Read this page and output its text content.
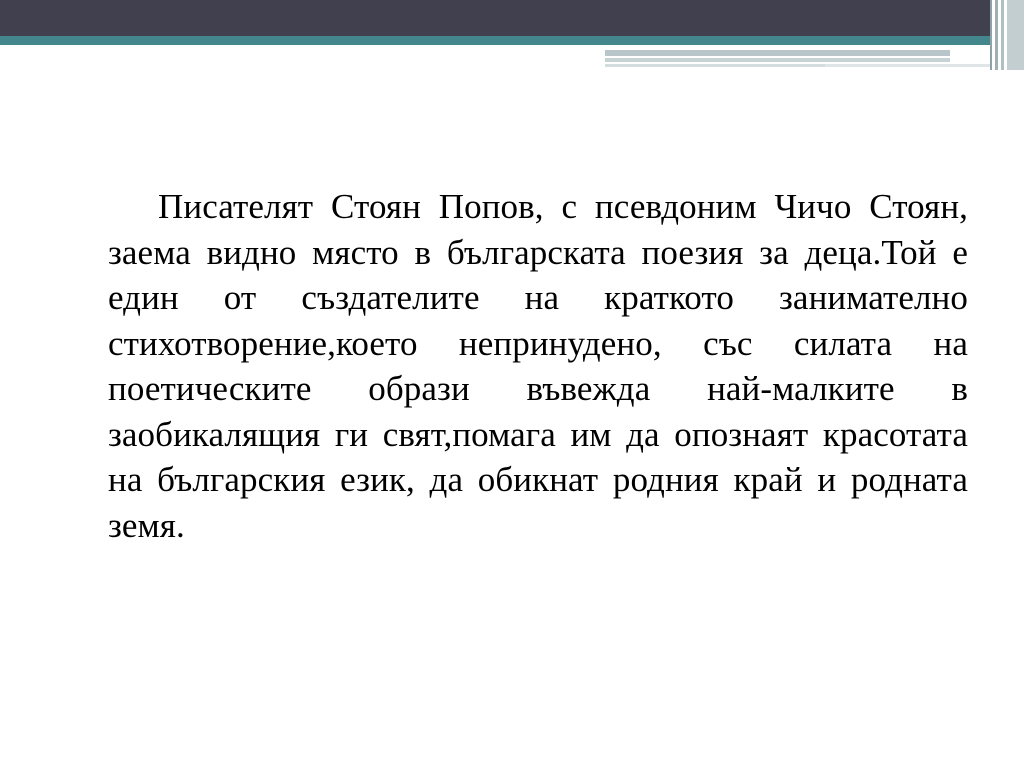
Писателят Стоян Попов, с псевдоним Чичо Стоян, заема видно място в българската поезия за деца.Той е един от създателите на краткото занимателно стихотворение,което непринудено, със силата на поетическите образи въвежда най-малките в заобикалящия ги свят,помага им да опознаят красотата на българския език, да обикнат родния край и родната земя.
